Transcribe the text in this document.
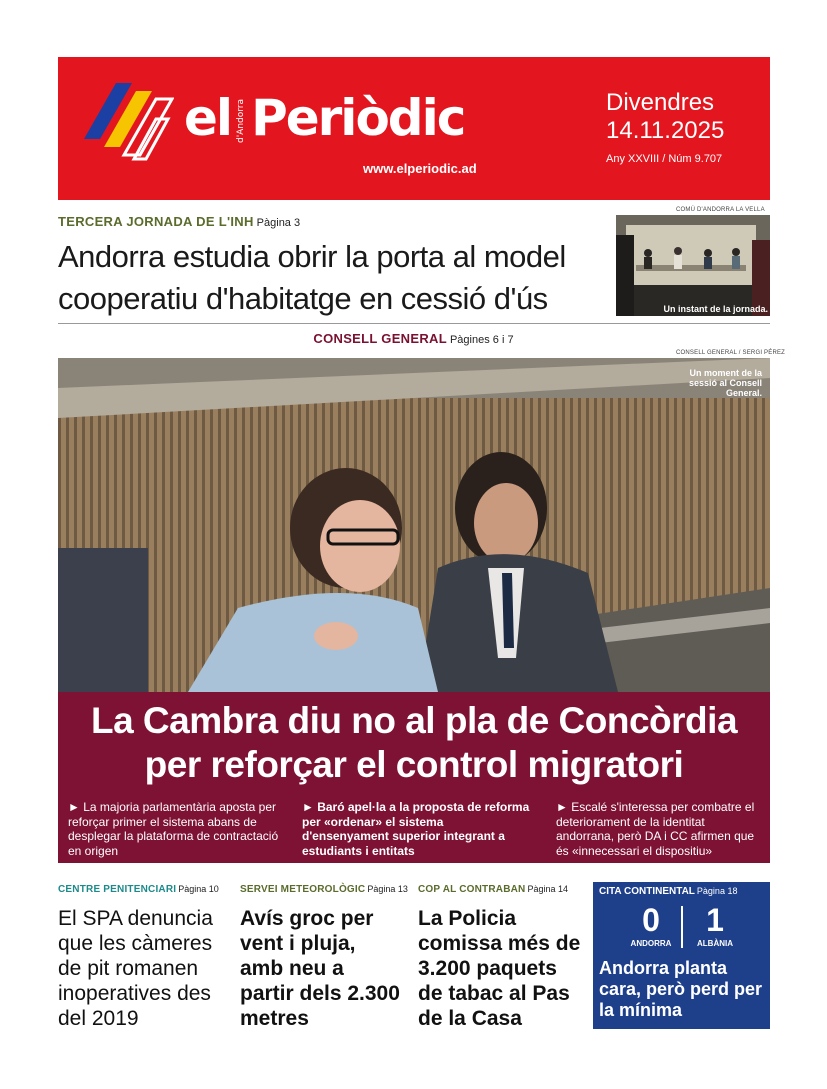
el d'Andorra Periòdic
www.elperiodic.ad
Divendres
14.11.2025
Any XXVIII / Núm 9.707
TERCERA JORNADA DE L'INH Pàgina 3
Andorra estudia obrir la porta al model
cooperatiu d'habitatge en cessió d'ús
COMÚ D'ANDORRA LA VELLA
Un instant de la jornada.
CONSELL GENERAL Pàgines 6 i 7
CONSELL GENERAL / SERGI PÉREZ
Un moment de la sessió al Consell General.
La Cambra diu no al pla de Concòrdia
per reforçar el control migratori
► La majoria parlamentària aposta per reforçar primer el sistema abans de desplegar la plataforma de contractació en origen
► Baró apel·la a la proposta de reforma per «ordenar» el sistema d'ensenyament superior integrant a estudiants i entitats
► Escalé s'interessa per combatre el deteriorament de la identitat andorrana, però DA i CC afirmen que és «innecessari el dispositiu»
CENTRE PENITENCIARI Pàgina 10
El SPA denuncia que les càmeres de pit romanen inoperatives des del 2019
SERVEI METEOROLÒGIC Pàgina 13
Avís groc per vent i pluja, amb neu a partir dels 2.300 metres
COP AL CONTRABAN Pàgina 14
La Policia comissa més de 3.200 paquets de tabac al Pas de la Casa
CITA CONTINENTAL Pàgina 18
0	1
ANDORRA	ALBÀNIA
Andorra planta cara, però perd per la mínima
